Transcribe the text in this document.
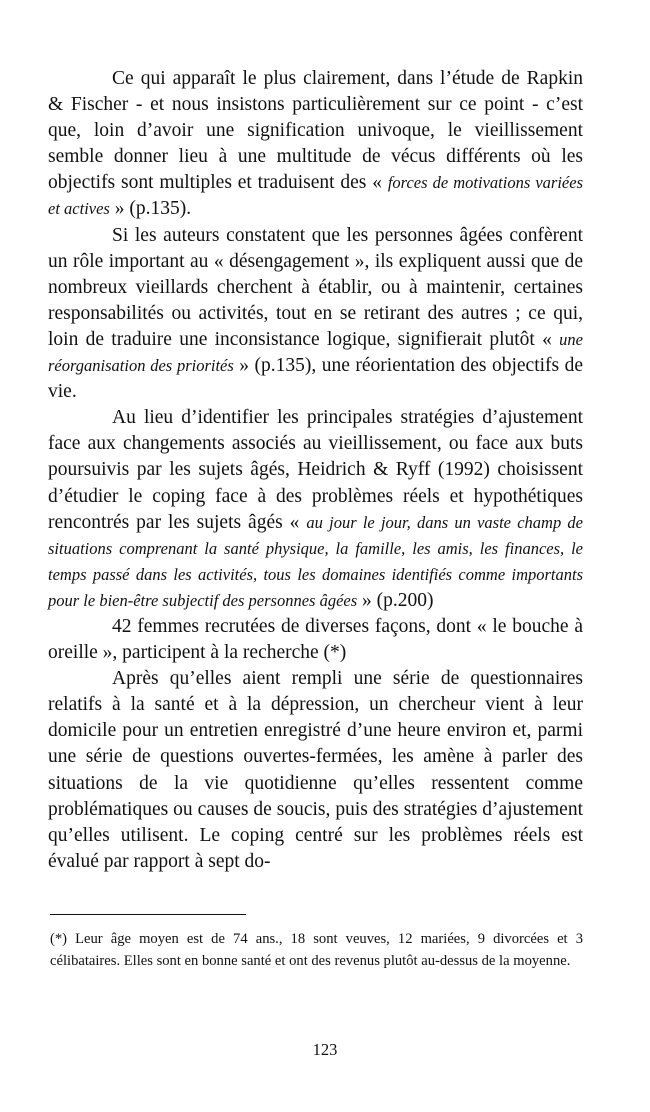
Ce qui apparaît le plus clairement, dans l’étude de Rapkin & Fischer - et nous insistons particulièrement sur ce point - c’est que, loin d’avoir une signification univoque, le vieillissement semble donner lieu à une multitude de vécus différents où les objectifs sont multiples et traduisent des « forces de motivations variées et actives » (p.135).

Si les auteurs constatent que les personnes âgées confèrent un rôle important au « désengagement », ils expliquent aussi que de nombreux vieillards cherchent à établir, ou à maintenir, certaines responsabilités ou activités, tout en se retirant des autres ; ce qui, loin de traduire une inconsistance logique, signifierait plutôt « une réorganisation des priorités » (p.135), une réorientation des objectifs de vie.

Au lieu d’identifier les principales stratégies d’ajustement face aux changements associés au vieillissement, ou face aux buts poursuivis par les sujets âgés, Heidrich & Ryff (1992) choisissent d’étudier le coping face à des problèmes réels et hypothétiques rencontrés par les sujets âgés « au jour le jour, dans un vaste champ de situations comprenant la santé physique, la famille, les amis, les finances, le temps passé dans les activités, tous les domaines identifiés comme importants pour le bien-être subjectif des personnes âgées » (p.200)

42 femmes recrutées de diverses façons, dont « le bouche à oreille », participent à la recherche (*)

Après qu’elles aient rempli une série de questionnaires relatifs à la santé et à la dépression, un chercheur vient à leur domicile pour un entretien enregistré d’une heure environ et, parmi une série de questions ouvertes-fermées, les amène à parler des situations de la vie quotidienne qu’elles ressentent comme problématiques ou causes de soucis, puis des stratégies d’ajustement qu’elles utilisent. Le coping centré sur les problèmes réels est évalué par rapport à sept do-

(*) Leur âge moyen est de 74 ans., 18 sont veuves, 12 mariées, 9 divorcées et 3 célibataires. Elles sont en bonne santé et ont des revenus plutôt au-dessus de la moyenne.

123
